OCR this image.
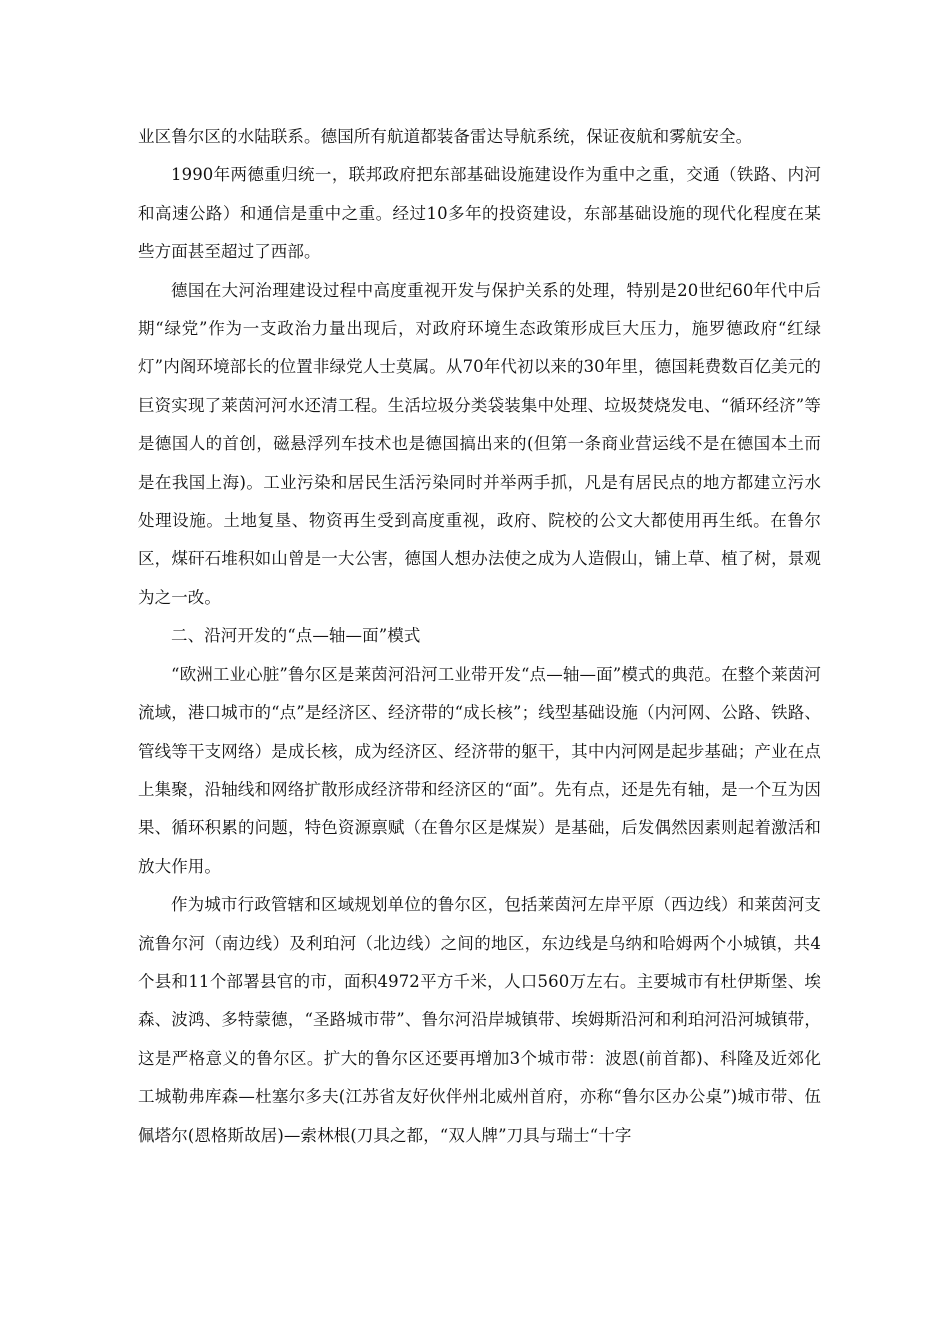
业区鲁尔区的水陆联系。德国所有航道都装备雷达导航系统，保证夜航和雾航安全。

1990年两德重归统一，联邦政府把东部基础设施建设作为重中之重，交通（铁路、内河和高速公路）和通信是重中之重。经过10多年的投资建设，东部基础设施的现代化程度在某些方面甚至超过了西部。

德国在大河治理建设过程中高度重视开发与保护关系的处理，特别是20世纪60年代中后期“绿党”作为一支政治力量出现后，对政府环境生态政策形成巨大压力，施罗德政府“红绿灯”内阁环境部长的位置非绿党人士莫属。从70年代初以来的30年里，德国耗费数百亿美元的巨资实现了莱茵河河水还清工程。生活垃圾分类袋装集中处理、垃圾焚烧发电、“循环经济”等是德国人的首创，磁悬浮列车技术也是德国搞出来的(但第一条商业营运线不是在德国本土而是在我国上海)。工业污染和居民生活污染同时并举两手抓，凡是有居民点的地方都建立污水处理设施。土地复垦、物资再生受到高度重视，政府、院校的公文大都使用再生纸。在鲁尔区，煤矸石堆积如山曾是一大公害，德国人想办法使之成为人造假山，铺上草、植了树，景观为之一改。

二、沿河开发的“点—轴—面”模式

“欧洲工业心脏”鲁尔区是莱茵河沿河工业带开发“点—轴—面”模式的典范。在整个莱茵河流域，港口城市的“点”是经济区、经济带的“成长核”；线型基础设施（内河网、公路、铁路、管线等干支网络）是成长核，成为经济区、经济带的躯干，其中内河网是起步基础；产业在点上集聚，沿轴线和网络扩散形成经济带和经济区的“面”。先有点，还是先有轴，是一个互为因果、循环积累的问题，特色资源禀赋（在鲁尔区是煤炭）是基础，后发偶然因素则起着激活和放大作用。

作为城市行政管辖和区域规划单位的鲁尔区，包括莱茵河左岸平原（西边线）和莱茵河支流鲁尔河（南边线）及利珀河（北边线）之间的地区，东边线是乌纳和哈姆两个小城镇，共4个县和11个部署县官的市，面积4972平方千米，人口560万左右。主要城市有杜伊斯堡、埃森、波鸿、多特蒙德，“圣路城市带”、鲁尔河沿岸城镇带、埃姆斯沿河和利珀河沿河城镇带，这是严格意义的鲁尔区。扩大的鲁尔区还要再增加3个城市带：波恩(前首都)、科隆及近郊化工城勒弗库森—杜塞尔多夫(江苏省友好伙伴州北威州首府，亦称“鲁尔区办公桌”)城市带、伍佩塔尔(恩格斯故居)—索林根(刀具之都，“双人牌”刀具与瑞士“十字
